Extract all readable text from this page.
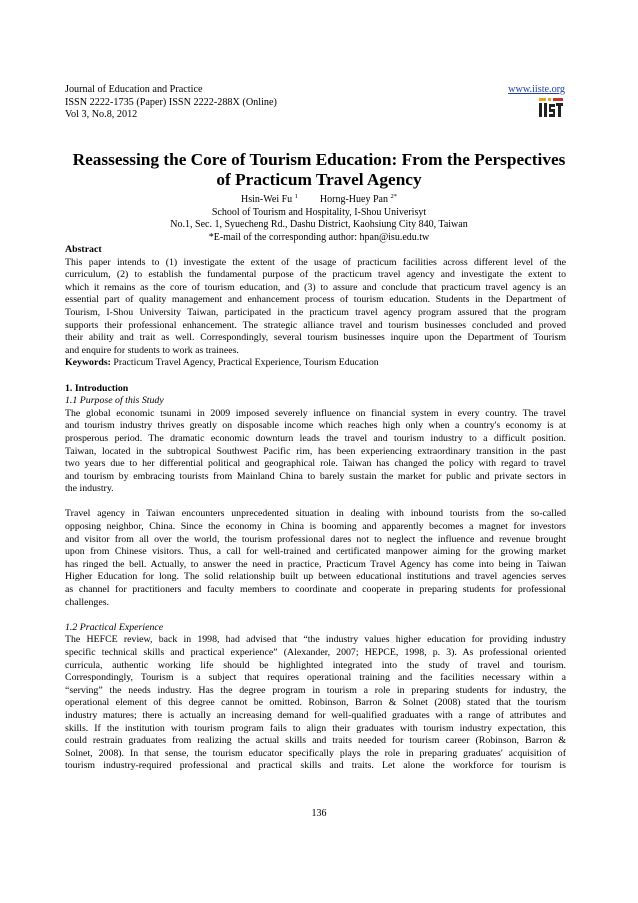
Journal of Education and Practice
ISSN 2222-1735 (Paper) ISSN 2222-288X (Online)
Vol 3, No.8, 2012
www.iiste.org
Reassessing the Core of Tourism Education: From the Perspectives
of Practicum Travel Agency
Hsin-Wei Fu $^1$ Horng-Huey Pan $^{2*}$
School of Tourism and Hospitality, I-Shou Univerisyt
No.1, Sec. 1, Syuecheng Rd., Dashu District, Kaohsiung City 840, Taiwan
*E-mail of the corresponding author: hpan@isu.edu.tw
Abstract

This paper intends to (1) investigate the extent of the usage of practicum facilities across different level of the

curriculum, (2) to establish the fundamental purpose of the practicum travel agency and investigate the extent to

which it remains as the core of tourism education, and (3) to assure and conclude that practicum travel agency is an

essential part of quality management and enhancement process of tourism education. Students in the Department of

Tourism, I-Shou University Taiwan, participated in the practicum travel agency program assured that the program

supports their professional enhancement. The strategic alliance travel and tourism businesses concluded and proved

their ability and trait as well. Correspondingly, several tourism businesses inquire upon the Department of Tourism

and enquire for students to work as trainees.

Keywords: Practicum Travel Agency, Practical Experience, Tourism Education

1. Introduction
1.1 Purpose of this Study

The global economic tsunami in 2009 imposed severely influence on financial system in every country. The travel

and tourism industry thrives greatly on disposable income which reaches high only when a country's economy is at

prosperous period. The dramatic economic downturn leads the travel and tourism industry to a difficult position.

Taiwan, located in the subtropical Southwest Pacific rim, has been experiencing extraordinary transition in the past

two years due to her differential political and geographical role. Taiwan has changed the policy with regard to travel

and tourism by embracing tourists from Mainland China to barely sustain the market for public and private sectors in

the industry.

Travel agency in Taiwan encounters unprecedented situation in dealing with inbound tourists from the so-called

opposing neighbor, China. Since the economy in China is booming and apparently becomes a magnet for investors

and visitor from all over the world, the tourism professional dares not to neglect the influence and revenue brought

upon from Chinese visitors. Thus, a call for well-trained and certificated manpower aiming for the growing market

has ringed the bell. Actually, to answer the need in practice, Practicum Travel Agency has come into being in Taiwan

Higher Education for long. The solid relationship built up between educational institutions and travel agencies serves

as channel for practitioners and faculty members to coordinate and cooperate in preparing students for professional

challenges.

1.2 Practical Experience

The HEFCE review, back in 1998, had advised that “the industry values higher education for providing industry

specific technical skills and practical experience” (Alexander, 2007; HEPCE, 1998, p. 3). As professional oriented

curricula, authentic working life should be highlighted integrated into the study of travel and tourism.

Correspondingly, Tourism is a subject that requires operational training and the facilities necessary within a

“serving” the needs industry. Has the degree program in tourism a role in preparing students for industry, the

operational element of this degree cannot be omitted. Robinson, Barron & Solnet (2008) stated that the tourism

industry matures; there is actually an increasing demand for well-qualified graduates with a range of attributes and

skills. If the institution with tourism program fails to align their graduates with tourism industry expectation, this

could restrain graduates from realizing the actual skills and traits needed for tourism career (Robinson, Barron &

Solnet, 2008). In that sense, the tourism educator specifically plays the role in preparing graduates' acquisition of

tourism industry-required professional and practical skills and traits. Let alone the workforce for tourism is

136
